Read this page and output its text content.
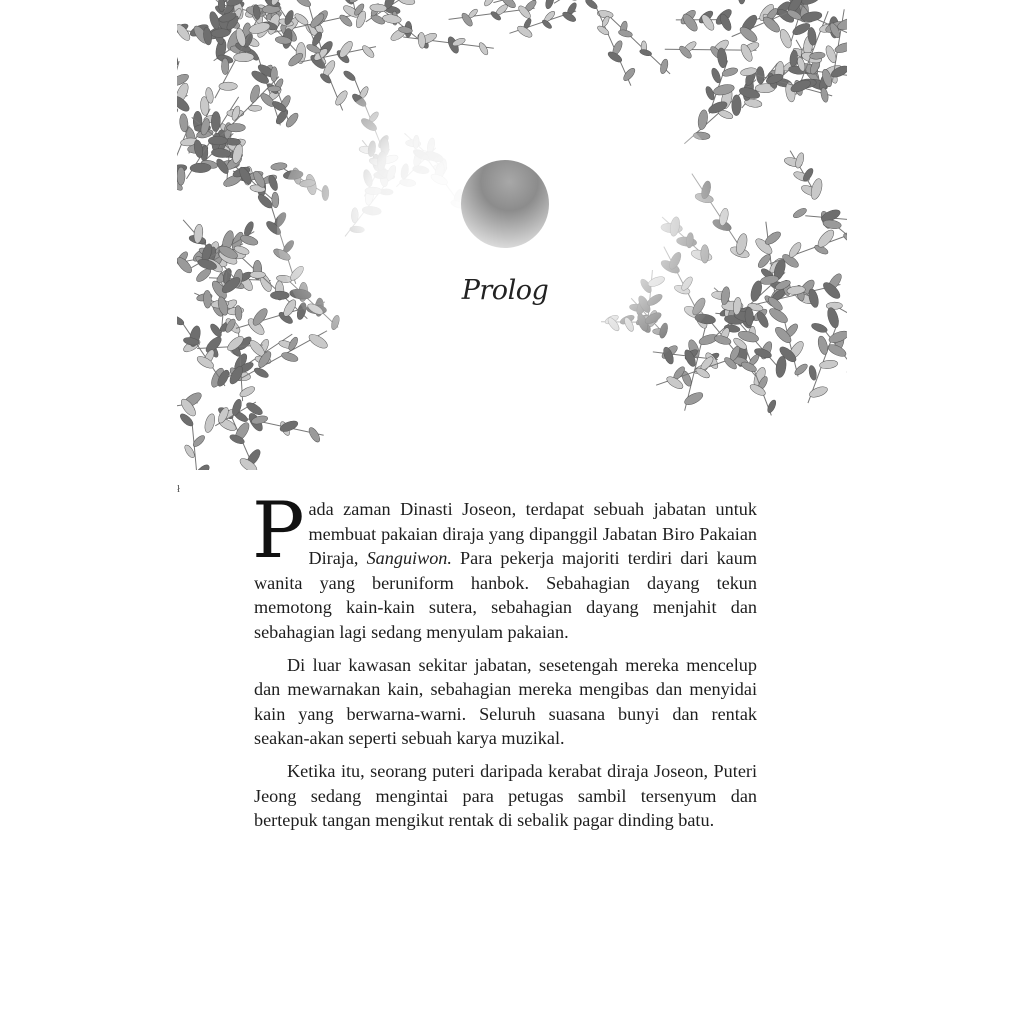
Prolog
ł Pada zaman Dinasti Joseon, terdapat sebuah jabatan untuk membuat pakaian diraja yang dipanggil Jabatan Biro Pakaian Diraja, Sanguiwon. Para pekerja majoriti terdiri dari kaum wanita yang beruniform hanbok. Sebahagian dayang tekun memotong kain-kain sutera, sebahagian dayang menjahit dan sebahagian lagi sedang menyulam pakaian.

Di luar kawasan sekitar jabatan, sesetengah mereka mencelup dan mewarnakan kain, sebahagian mereka mengibas dan menyidai kain yang berwarna-warni. Seluruh suasana bunyi dan rentak seakan-akan seperti sebuah karya muzikal.

Ketika itu, seorang puteri daripada kerabat diraja Joseon, Puteri Jeong sedang mengintai para petugas sambil tersenyum dan bertepuk tangan mengikut rentak di sebalik pagar dinding batu.
